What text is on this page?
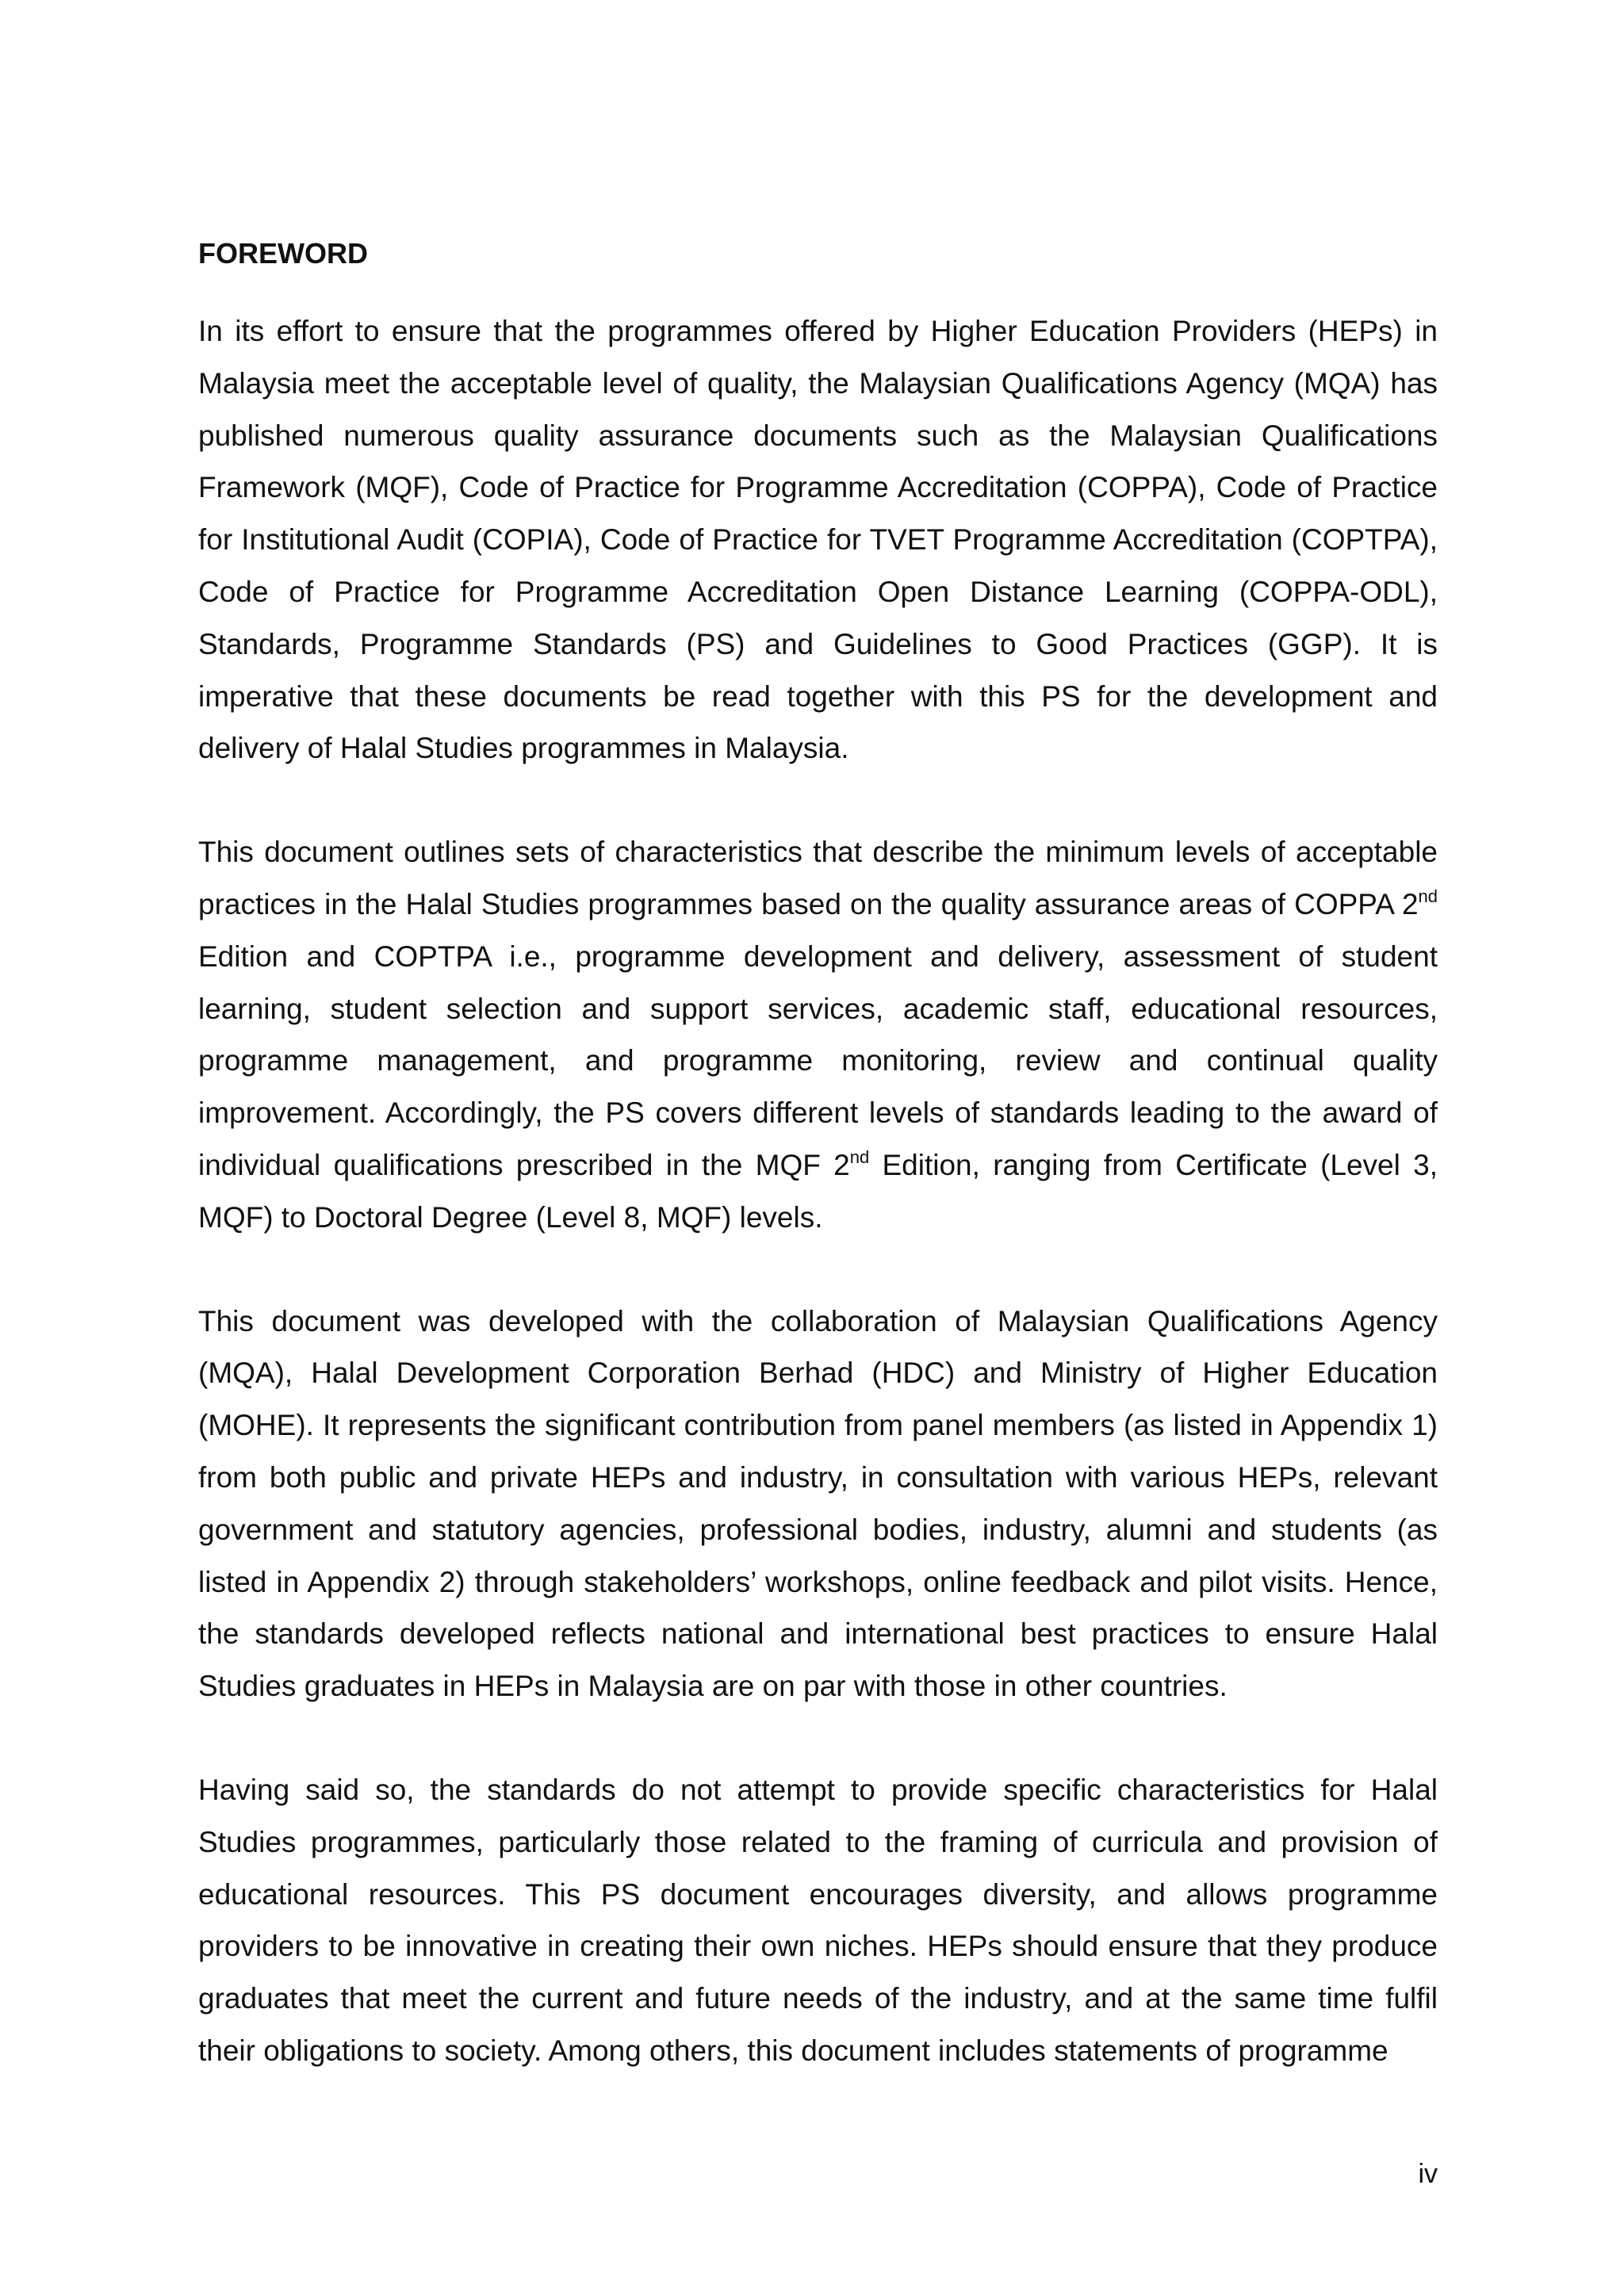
FOREWORD

In its effort to ensure that the programmes offered by Higher Education Providers (HEPs) in Malaysia meet the acceptable level of quality, the Malaysian Qualifications Agency (MQA) has published numerous quality assurance documents such as the Malaysian Qualifications Framework (MQF), Code of Practice for Programme Accreditation (COPPA), Code of Practice for Institutional Audit (COPIA), Code of Practice for TVET Programme Accreditation (COPTPA), Code of Practice for Programme Accreditation Open Distance Learning (COPPA-ODL), Standards, Programme Standards (PS) and Guidelines to Good Practices (GGP). It is imperative that these documents be read together with this PS for the development and delivery of Halal Studies programmes in Malaysia.

This document outlines sets of characteristics that describe the minimum levels of acceptable practices in the Halal Studies programmes based on the quality assurance areas of COPPA 2nd Edition and COPTPA i.e., programme development and delivery, assessment of student learning, student selection and support services, academic staff, educational resources, programme management, and programme monitoring, review and continual quality improvement. Accordingly, the PS covers different levels of standards leading to the award of individual qualifications prescribed in the MQF 2nd Edition, ranging from Certificate (Level 3, MQF) to Doctoral Degree (Level 8, MQF) levels.

This document was developed with the collaboration of Malaysian Qualifications Agency (MQA), Halal Development Corporation Berhad (HDC) and Ministry of Higher Education (MOHE). It represents the significant contribution from panel members (as listed in Appendix 1) from both public and private HEPs and industry, in consultation with various HEPs, relevant government and statutory agencies, professional bodies, industry, alumni and students (as listed in Appendix 2) through stakeholders’ workshops, online feedback and pilot visits. Hence, the standards developed reflects national and international best practices to ensure Halal Studies graduates in HEPs in Malaysia are on par with those in other countries.

Having said so, the standards do not attempt to provide specific characteristics for Halal Studies programmes, particularly those related to the framing of curricula and provision of educational resources. This PS document encourages diversity, and allows programme providers to be innovative in creating their own niches. HEPs should ensure that they produce graduates that meet the current and future needs of the industry, and at the same time fulfil their obligations to society. Among others, this document includes statements of programme

iv
